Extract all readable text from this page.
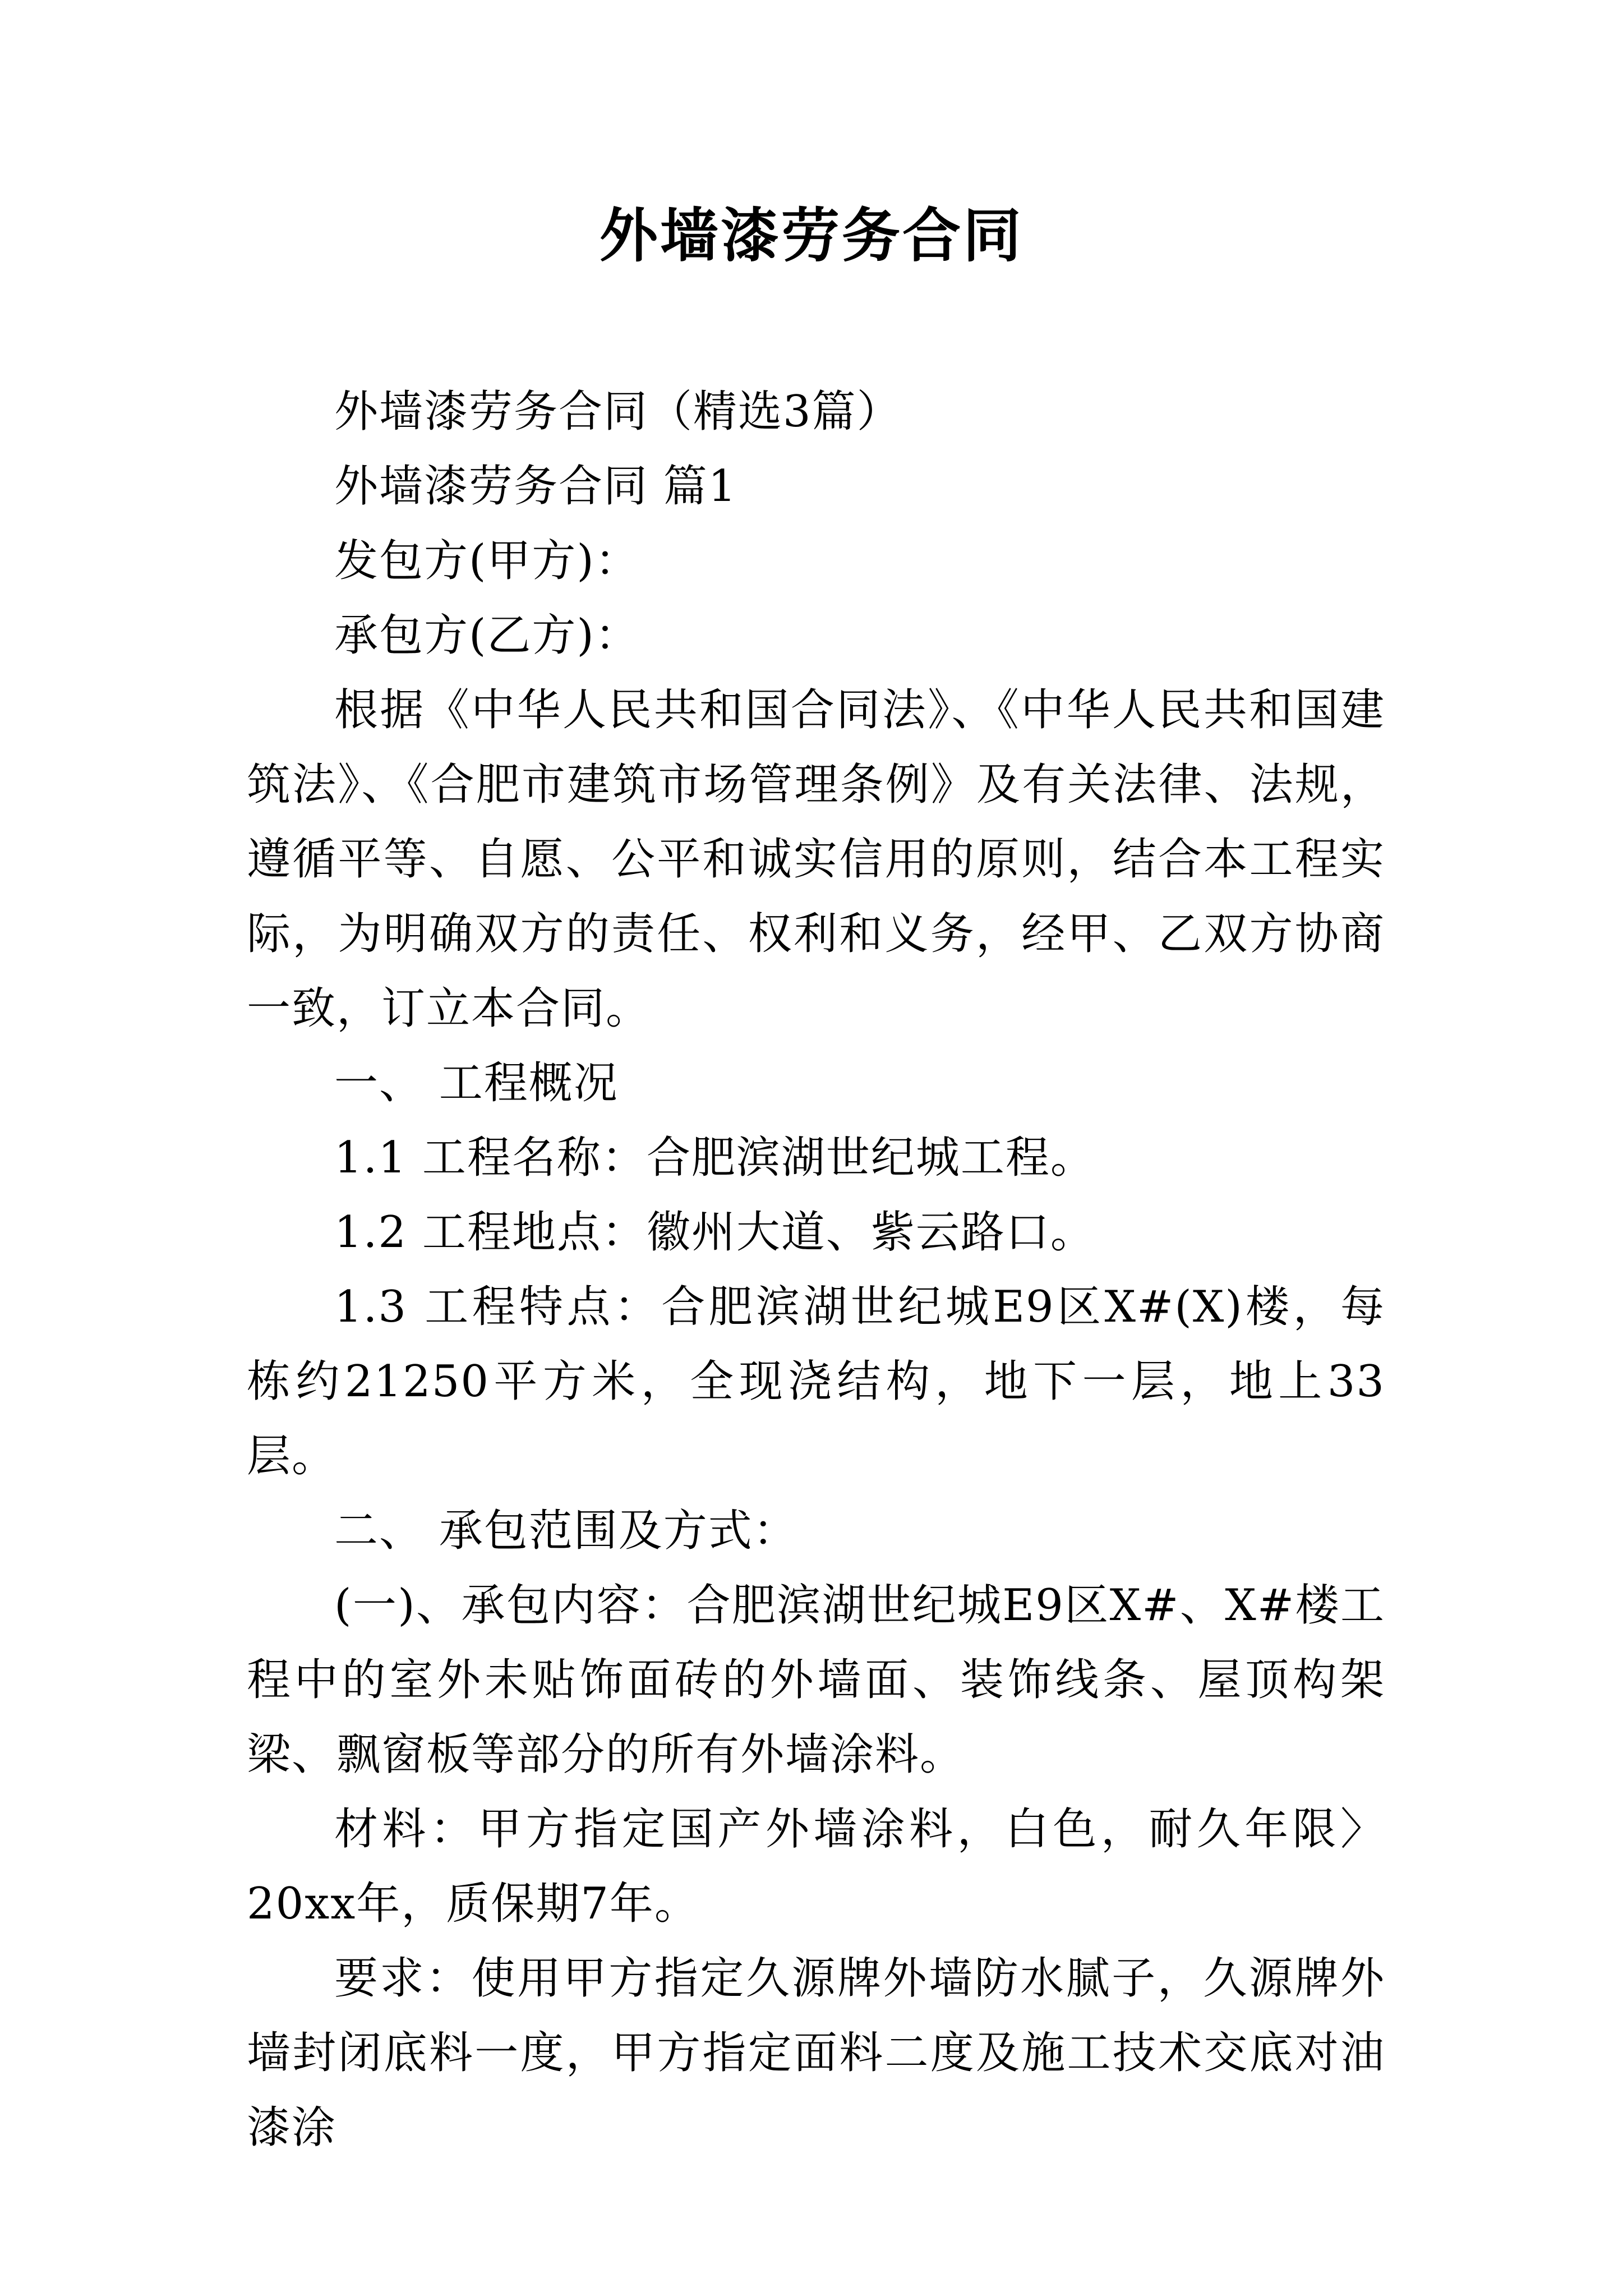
外墙漆劳务合同

外墙漆劳务合同（精选3篇）

外墙漆劳务合同 篇1

发包方(甲方)：

承包方(乙方)：

根据《中华人民共和国合同法》、《中华人民共和国建筑法》、《合肥市建筑市场管理条例》及有关法律、法规，遵循平等、自愿、公平和诚实信用的原则，结合本工程实际，为明确双方的责任、权利和义务，经甲、乙双方协商一致，订立本合同。

一、 工程概况

1.1 工程名称：合肥滨湖世纪城工程。

1.2 工程地点：徽州大道、紫云路口。

1.3 工程特点：合肥滨湖世纪城E9区X#(X)楼，每栋约21250平方米，全现浇结构，地下一层，地上33层。

二、 承包范围及方式：

(一)、承包内容：合肥滨湖世纪城E9区X#、X#楼工程中的室外未贴饰面砖的外墙面、装饰线条、屋顶构架梁、飘窗板等部分的所有外墙涂料。

材料：甲方指定国产外墙涂料，白色，耐久年限〉20xx年，质保期7年。

要求：使用甲方指定久源牌外墙防水腻子，久源牌外墙封闭底料一度，甲方指定面料二度及施工技术交底对油漆涂
